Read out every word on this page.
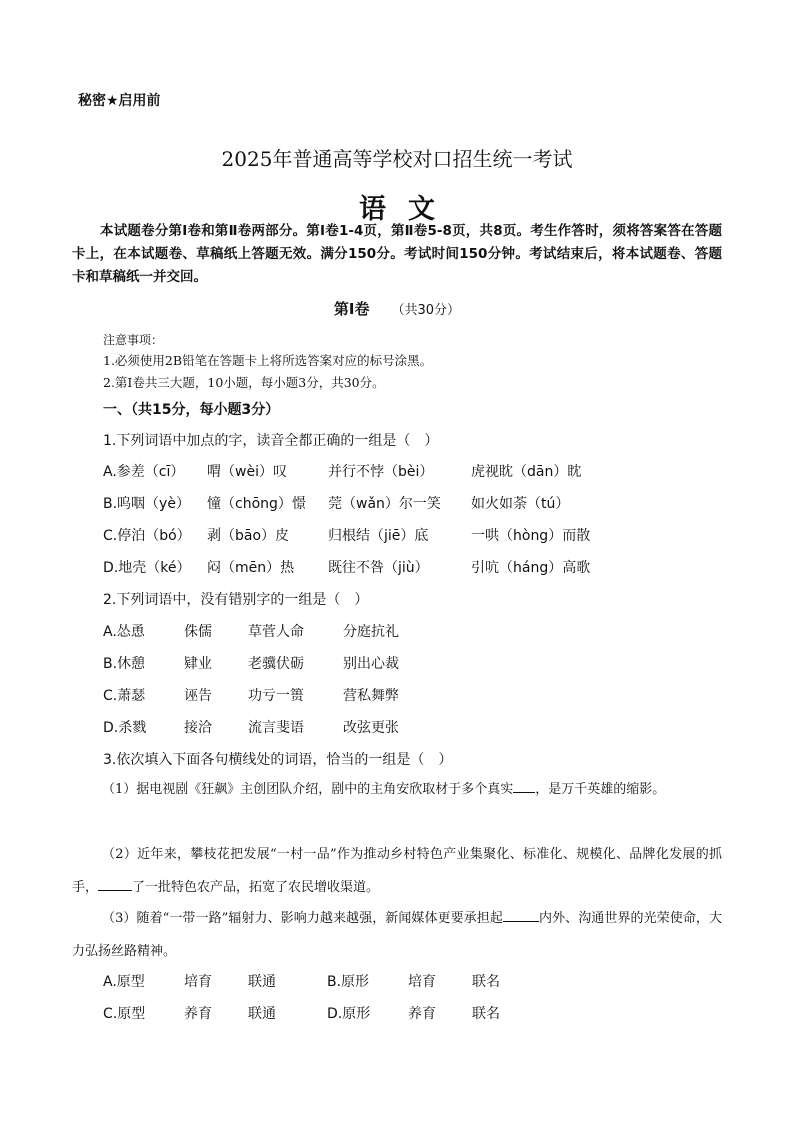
秘密★启用前
2025年普通高等学校对口招生统一考试
语文
本试题卷分第Ⅰ卷和第Ⅱ卷两部分。第Ⅰ卷1-4页，第Ⅱ卷5-8页，共8页。考生作答时，须将答案答在答题卡上，在本试题卷、草稿纸上答题无效。满分150分。考试时间150分钟。考试结束后，将本试题卷、答题卡和草稿纸一并交回。
第Ⅰ卷 （共30分）
注意事项：
1.必须使用2B铅笔在答题卡上将所选答案对应的标号涂黑。
2.第Ⅰ卷共三大题，10小题，每小题3分，共30分。
一、（共15分，每小题3分）
1.下列词语中加点的字，读音全都正确的一组是（　）
A.参差（cī） 喟（wèi）叹	并行不悖（bèi）	虎视眈（dān）眈
B.呜咽（yè） 憧（chōng）憬 莞（wǎn）尔一笑 如火如荼（tú）
C.停泊（bó） 剥（bāo）皮	归根结（jiē）底	一哄（hòng）而散
D.地壳（ké） 闷（mēn）热 既往不咎（jiù）	引吭（háng）高歌
2.下列词语中，没有错别字的一组是（　）
A.怂恿	侏儒	草菅人命	分庭抗礼
B.休憩	肄业	老骥伏砺	别出心裁
C.萧瑟	诬告	功亏一篑	营私舞弊
D.杀戮	接洽	流言斐语	改弦更张
3.依次填入下面各句横线处的词语，恰当的一组是（　）
（1）据电视剧《狂飙》主创团队介绍，剧中的主角安欣取材于多个真实 ，是万千英雄的缩影。
（2）近年来，攀枝花把发展“一村一品”作为推动乡村特色产业集聚化、标准化、规模化、品牌化发展的抓手，	了一批特色农产品，拓宽了农民增收渠道。
（3）随着“一带一路”辐射力、影响力越来越强，新闻媒体更要承担起	内外、沟通世界的光荣使命，大力弘扬丝路精神。
A.原型	培育	联通	B.原形	培育	联名
C.原型	养育	联通	D.原形	养育	联名
